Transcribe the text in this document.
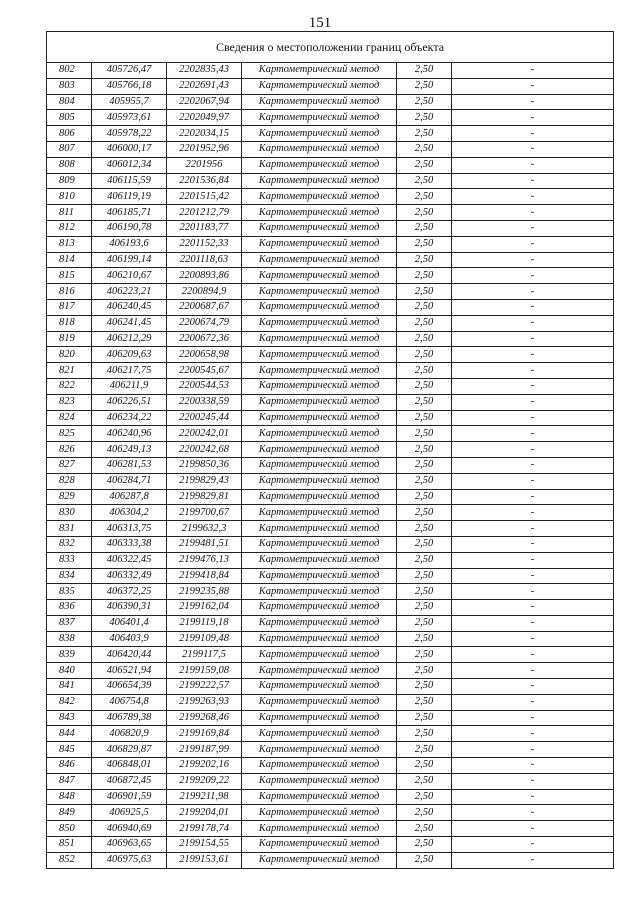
151
Сведения о местоположении границ объекта					
802	405726,47	2202835,43	Картометрический метод	2,50	-
803	405766,18	2202691,43	Картометрический метод	2,50	-
804	405955,7	2202067,94	Картометрический метод	2,50	-
805	405973,61	2202049,97	Картометрический метод	2,50	-
806	405978,22	2202034,15	Картометрический метод	2,50	-
807	406000,17	2201952,96	Картометрический метод	2,50	-
808	406012,34	2201956	Картометрический метод	2,50	-
809	406115,59	2201536,84	Картометрический метод	2,50	-
810	406119,19	2201515,42	Картометрический метод	2,50	-
811	406185,71	2201212,79	Картометрический метод	2,50	-
812	406190,78	2201183,77	Картометрический метод	2,50	-
813	406193,6	2201152,33	Картометрический метод	2,50	-
814	406199,14	2201118,63	Картометрический метод	2,50	-
815	406210,67	2200893,86	Картометрический метод	2,50	-
816	406223,21	2200894,9	Картометрический метод	2,50	-
817	406240,45	2200687,67	Картометрический метод	2,50	-
818	406241,45	2200674,79	Картометрический метод	2,50	-
819	406212,29	2200672,36	Картометрический метод	2,50	-
820	406209,63	2200658,98	Картометрический метод	2,50	-
821	406217,75	2200545,67	Картометрический метод	2,50	-
822	406211,9	2200544,53	Картометрический метод	2,50	-
823	406226,51	2200338,59	Картометрический метод	2,50	-
824	406234,22	2200245,44	Картометрический метод	2,50	-
825	406240,96	2200242,01	Картометрический метод	2,50	-
826	406249,13	2200242,68	Картометрический метод	2,50	-
827	406281,53	2199850,36	Картометрический метод	2,50	-
828	406284,71	2199829,43	Картометрический метод	2,50	-
829	406287,8	2199829,81	Картометрический метод	2,50	-
830	406304,2	2199700,67	Картометрический метод	2,50	-
831	406313,75	2199632,3	Картометрический метод	2,50	-
832	406333,38	2199481,51	Картометрический метод	2,50	-
833	406322,45	2199476,13	Картометрический метод	2,50	-
834	406332,49	2199418,84	Картометрический метод	2,50	-
835	406372,25	2199235,88	Картометрический метод	2,50	-
836	406390,31	2199162,04	Картометрический метод	2,50	-
837	406401,4	2199119,18	Картометрический метод	2,50	-
838	406403,9	2199109,48	Картометрический метод	2,50	-
839	406420,44	2199117,5	Картометрический метод	2,50	-
840	406521,94	2199159,08	Картометрический метод	2,50	-
841	406654,39	2199222,57	Картометрический метод	2,50	-
842	406754,8	2199263,93	Картометрический метод	2,50	-
843	406789,38	2199268,46	Картометрический метод	2,50	-
844	406820,9	2199169,84	Картометрический метод	2,50	-
845	406829,87	2199187,99	Картометрический метод	2,50	-
846	406848,01	2199202,16	Картометрический метод	2,50	-
847	406872,45	2199209,22	Картометрический метод	2,50	-
848	406901,59	2199211,98	Картометрический метод	2,50	-
849	406925,5	2199204,01	Картометрический метод	2,50	-
850	406940,69	2199178,74	Картометрический метод	2,50	-
851	406963,65	2199154,55	Картометрический метод	2,50	-
852	406975,63	2199153,61	Картометрический метод	2,50	-
